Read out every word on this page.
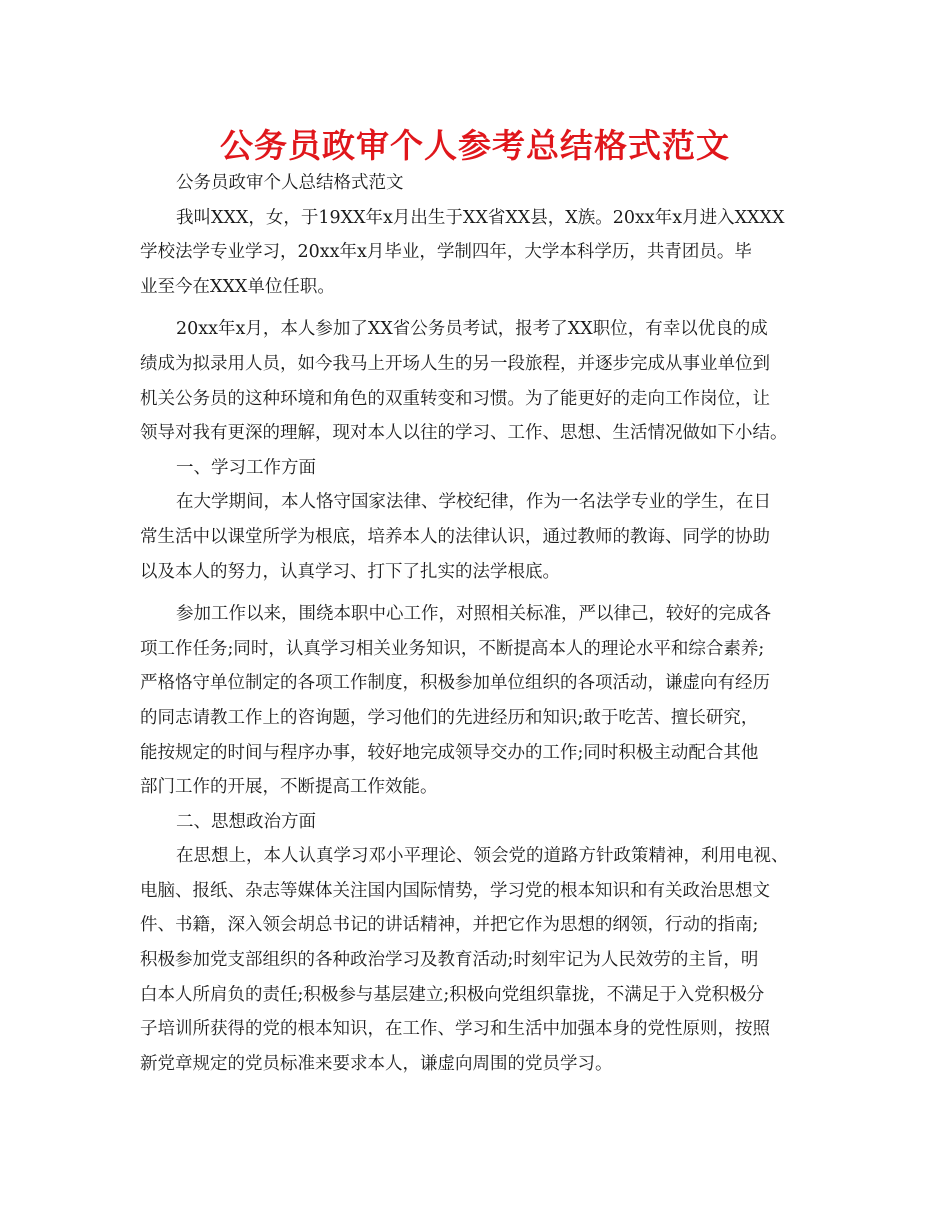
公务员政审个人参考总结格式范文
公务员政审个人总结格式范文
我叫XXX，女，于19XX年x月出生于XX省XX县，X族。20xx年x月进入XXXX
学校法学专业学习，20xx年x月毕业，学制四年，大学本科学历，共青团员。毕
业至今在XXX单位任职。
20xx年x月，本人参加了XX省公务员考试，报考了XX职位，有幸以优良的成
绩成为拟录用人员，如今我马上开场人生的另一段旅程，并逐步完成从事业单位到
机关公务员的这种环境和角色的双重转变和习惯。为了能更好的走向工作岗位，让
领导对我有更深的理解，现对本人以往的学习、工作、思想、生活情况做如下小结。
一、学习工作方面
在大学期间，本人恪守国家法律、学校纪律，作为一名法学专业的学生，在日
常生活中以课堂所学为根底，培养本人的法律认识，通过教师的教诲、同学的协助
以及本人的努力，认真学习、打下了扎实的法学根底。
参加工作以来，围绕本职中心工作，对照相关标准，严以律己，较好的完成各
项工作任务;同时，认真学习相关业务知识，不断提高本人的理论水平和综合素养;
严格恪守单位制定的各项工作制度，积极参加单位组织的各项活动，谦虚向有经历
的同志请教工作上的咨询题，学习他们的先进经历和知识;敢于吃苦、擅长研究，
能按规定的时间与程序办事，较好地完成领导交办的工作;同时积极主动配合其他
部门工作的开展，不断提高工作效能。
二、思想政治方面
在思想上，本人认真学习邓小平理论、领会党的道路方针政策精神，利用电视、
电脑、报纸、杂志等媒体关注国内国际情势，学习党的根本知识和有关政治思想文
件、书籍，深入领会胡总书记的讲话精神，并把它作为思想的纲领，行动的指南;
积极参加党支部组织的各种政治学习及教育活动;时刻牢记为人民效劳的主旨，明
白本人所肩负的责任;积极参与基层建立;积极向党组织靠拢，不满足于入党积极分
子培训所获得的党的根本知识，在工作、学习和生活中加强本身的党性原则，按照
新党章规定的党员标准来要求本人，谦虚向周围的党员学习。
